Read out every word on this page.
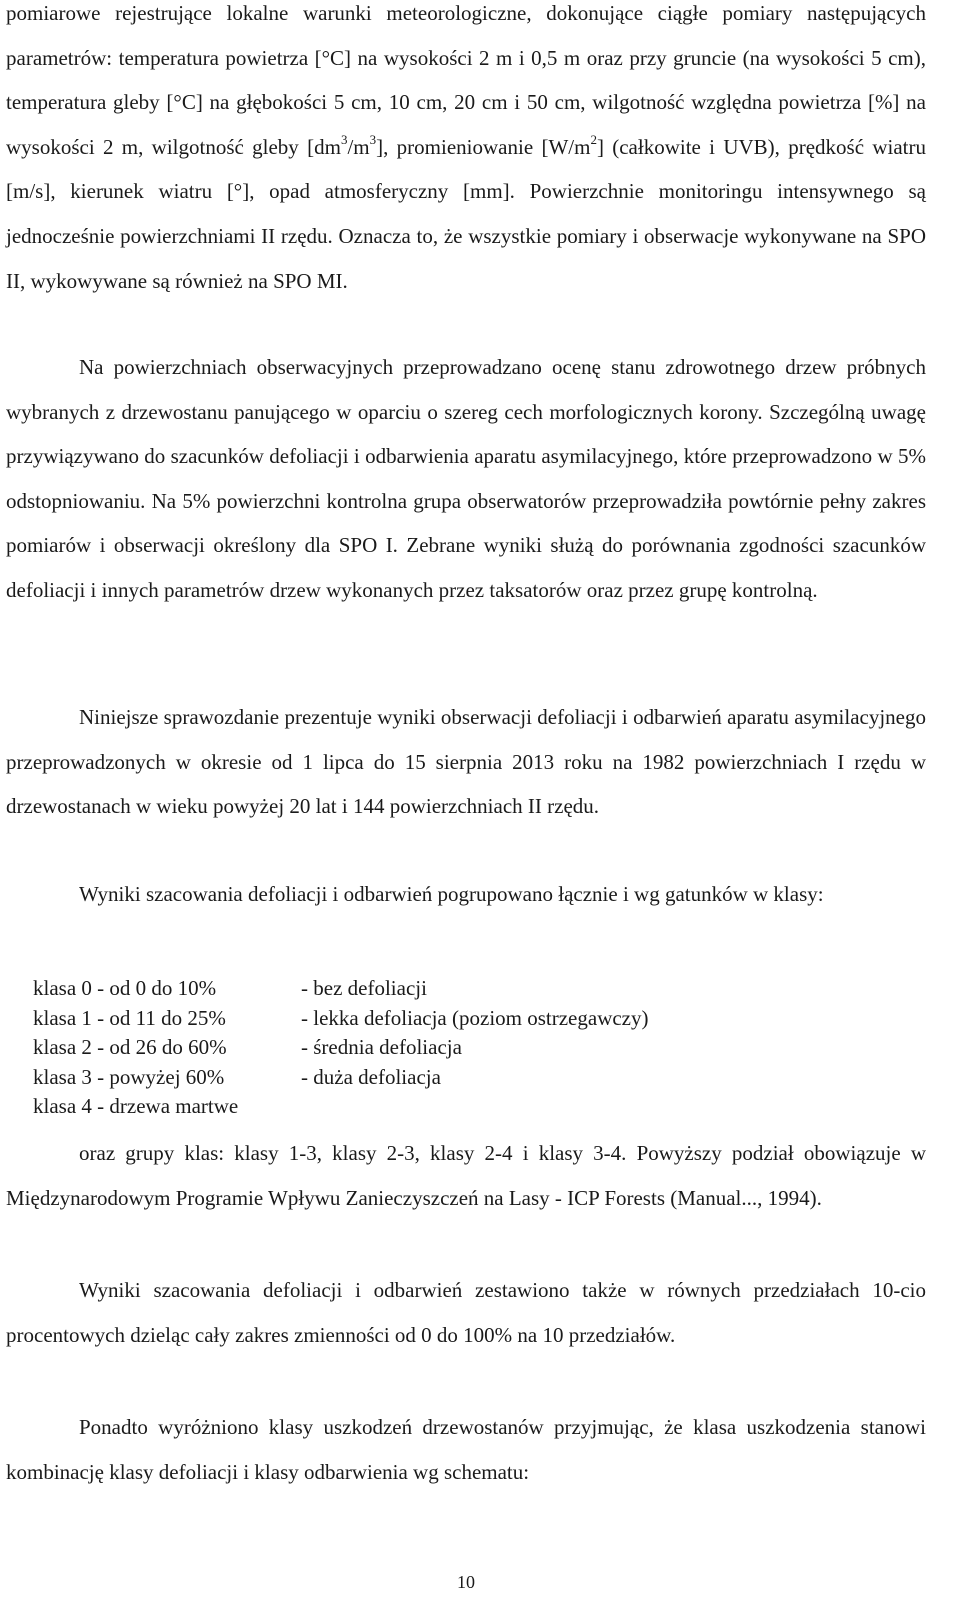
pomiarowe rejestrujące lokalne warunki meteorologiczne, dokonujące ciągłe pomiary następujących parametrów: temperatura powietrza [°C] na wysokości 2 m i 0,5 m oraz przy gruncie (na wysokości 5 cm), temperatura gleby [°C] na głębokości 5 cm, 10 cm, 20 cm i 50 cm, wilgotność względna powietrza [%] na wysokości 2 m, wilgotność gleby $[dm^3/m^3]$, promieniowanie $[W/m^2]$ (całkowite i UVB), prędkość wiatru [m/s], kierunek wiatru [°], opad atmosferyczny [mm]. Powierzchnie monitoringu intensywnego są jednocześnie powierzchniami II rzędu. Oznacza to, że wszystkie pomiary i obserwacje wykonywane na SPO II, wykowywane są również na SPO MI.

Na powierzchniach obserwacyjnych przeprowadzano ocenę stanu zdrowotnego drzew próbnych wybranych z drzewostanu panującego w oparciu o szereg cech morfologicznych korony. Szczególną uwagę przywiązywano do szacunków defoliacji i odbarwienia aparatu asymilacyjnego, które przeprowadzono w 5% odstopniowaniu. Na 5% powierzchni kontrolna grupa obserwatorów przeprowadziła powtórnie pełny zakres pomiarów i obserwacji określony dla SPO I. Zebrane wyniki służą do porównania zgodności szacunków defoliacji i innych parametrów drzew wykonanych przez taksatorów oraz przez grupę kontrolną.

Niniejsze sprawozdanie prezentuje wyniki obserwacji defoliacji i odbarwień aparatu asymilacyjnego przeprowadzonych w okresie od 1 lipca do 15 sierpnia 2013 roku na 1982 powierzchniach I rzędu w drzewostanach w wieku powyżej 20 lat i 144 powierzchniach II rzędu.

Wyniki szacowania defoliacji i odbarwień pogrupowano łącznie i wg gatunków w klasy:

klasa 0 - od 0 do 10%	- bez defoliacji
klasa 1 - od 11 do 25%	- lekka defoliacja (poziom ostrzegawczy)
klasa 2 - od 26 do 60%	- średnia defoliacja
klasa 3 - powyżej 60%	- duża defoliacja
klasa 4 - drzewa martwe

oraz grupy klas: klasy 1-3, klasy 2-3, klasy 2-4 i klasy 3-4. Powyższy podział obowiązuje w Międzynarodowym Programie Wpływu Zanieczyszczeń na Lasy - ICP Forests (Manual..., 1994).

Wyniki szacowania defoliacji i odbarwień zestawiono także w równych przedziałach 10-cio procentowych dzieląc cały zakres zmienności od 0 do 100% na 10 przedziałów.

Ponadto wyróżniono klasy uszkodzeń drzewostanów przyjmując, że klasa uszkodzenia stanowi kombinację klasy defoliacji i klasy odbarwienia wg schematu:

10
